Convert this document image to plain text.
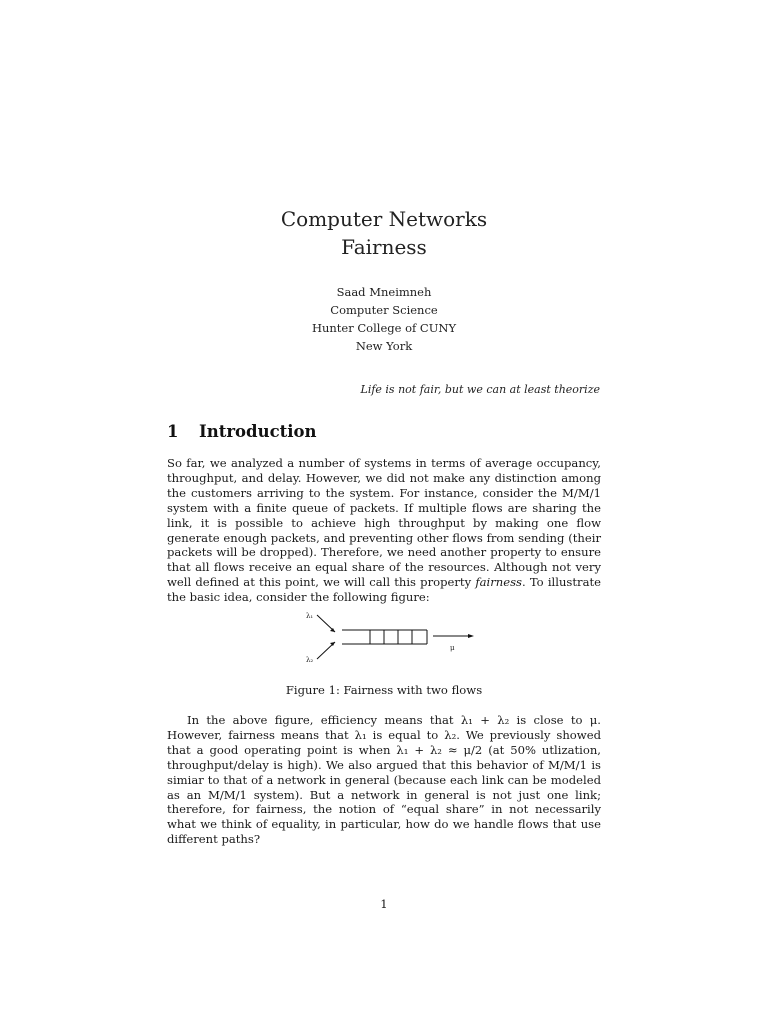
Computer Networks
Fairness
Saad Mneimneh
Computer Science
Hunter College of CUNY
New York
Life is not fair, but we can at least theorize
1 Introduction
So far, we analyzed a number of systems in terms of average occupancy, throughput, and delay. However, we did not make any distinction among the customers arriving to the system. For instance, consider the M/M/1 system with a finite queue of packets. If multiple flows are sharing the link, it is possible to achieve high throughput by making one flow generate enough packets, and preventing other flows from sending (their packets will be dropped). Therefore, we need another property to ensure that all flows receive an equal share of the resources. Although not very well defined at this point, we will call this property fairness. To illustrate the basic idea, consider the following figure:
λ₁
λ₂
μ
Figure 1: Fairness with two flows
In the above figure, efficiency means that λ₁ + λ₂ is close to μ. However, fairness means that λ₁ is equal to λ₂. We previously showed that a good operating point is when λ₁ + λ₂ ≈ μ/2 (at 50% utlization, throughput/delay is high). We also argued that this behavior of M/M/1 is simiar to that of a network in general (because each link can be modeled as an M/M/1 system). But a network in general is not just one link; therefore, for fairness, the notion of “equal share” in not necessarily what we think of equality, in particular, how do we handle flows that use different paths?
1
